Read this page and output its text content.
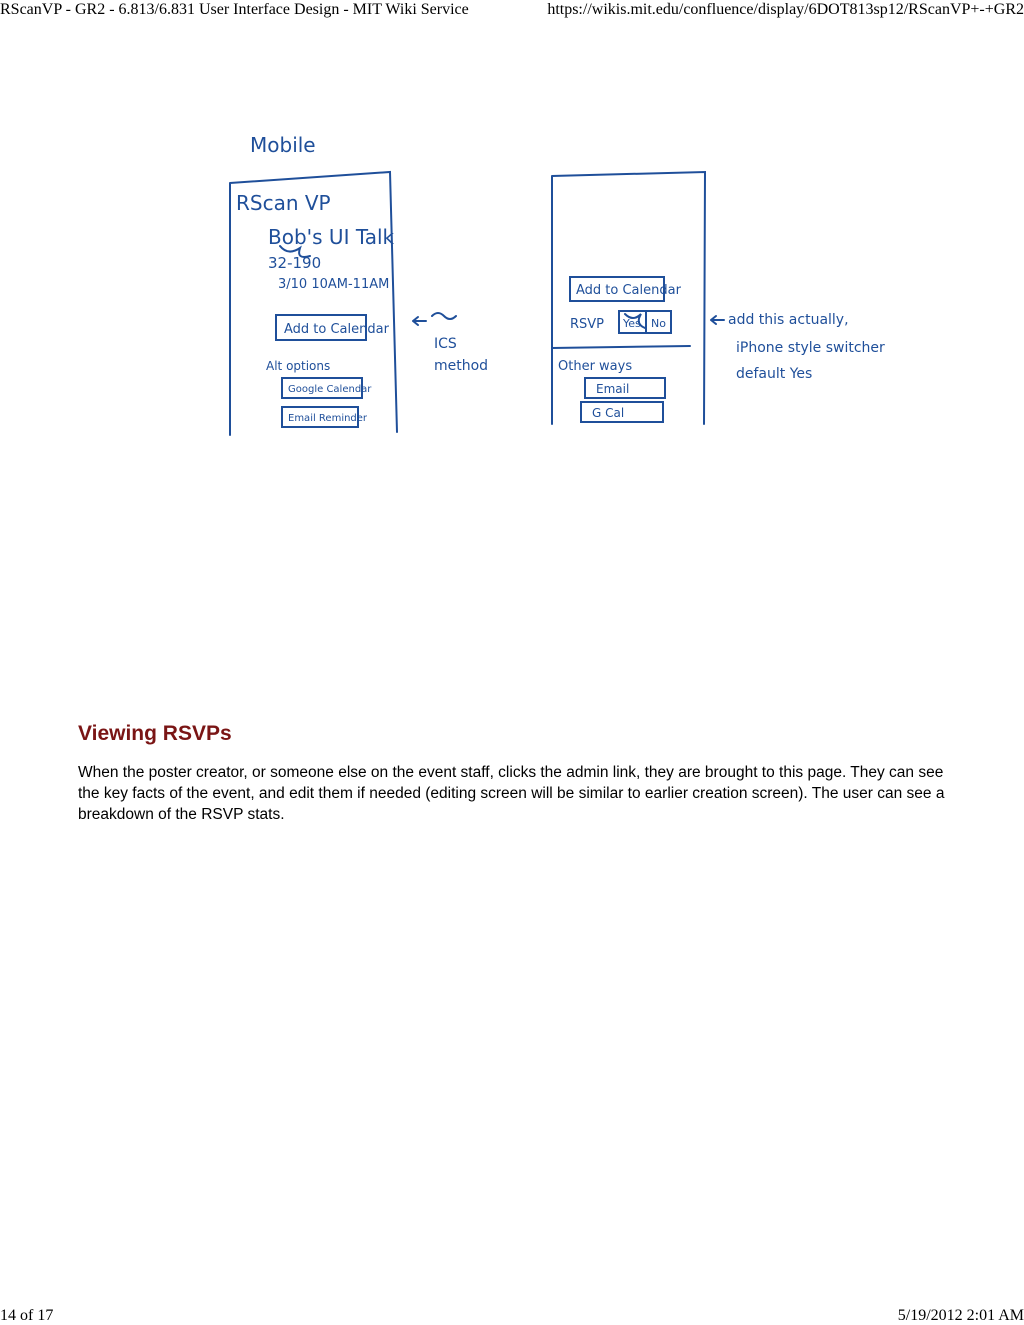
RScanVP - GR2 - 6.813/6.831 User Interface Design - MIT Wiki Service	https://wikis.mit.edu/confluence/display/6DOT813sp12/RScanVP+-+GR2
Mobile
RScan VP
Bob's UI Talk
32-190
3/10 10AM-11AM
Add to Calendar
Alt options
Google Calendar
Email Reminder
ICS
method
Add to Calendar
RSVP Yes No
Other ways
Email
G Cal
add this actually,
iPhone style switcher
default Yes
Viewing RSVPs
When the poster creator, or someone else on the event staff, clicks the admin link, they are brought to this page. They can see the key facts of the event, and edit them if needed (editing screen will be similar to earlier creation screen). The user can see a breakdown of the RSVP stats.
14 of 17	5/19/2012 2:01 AM
